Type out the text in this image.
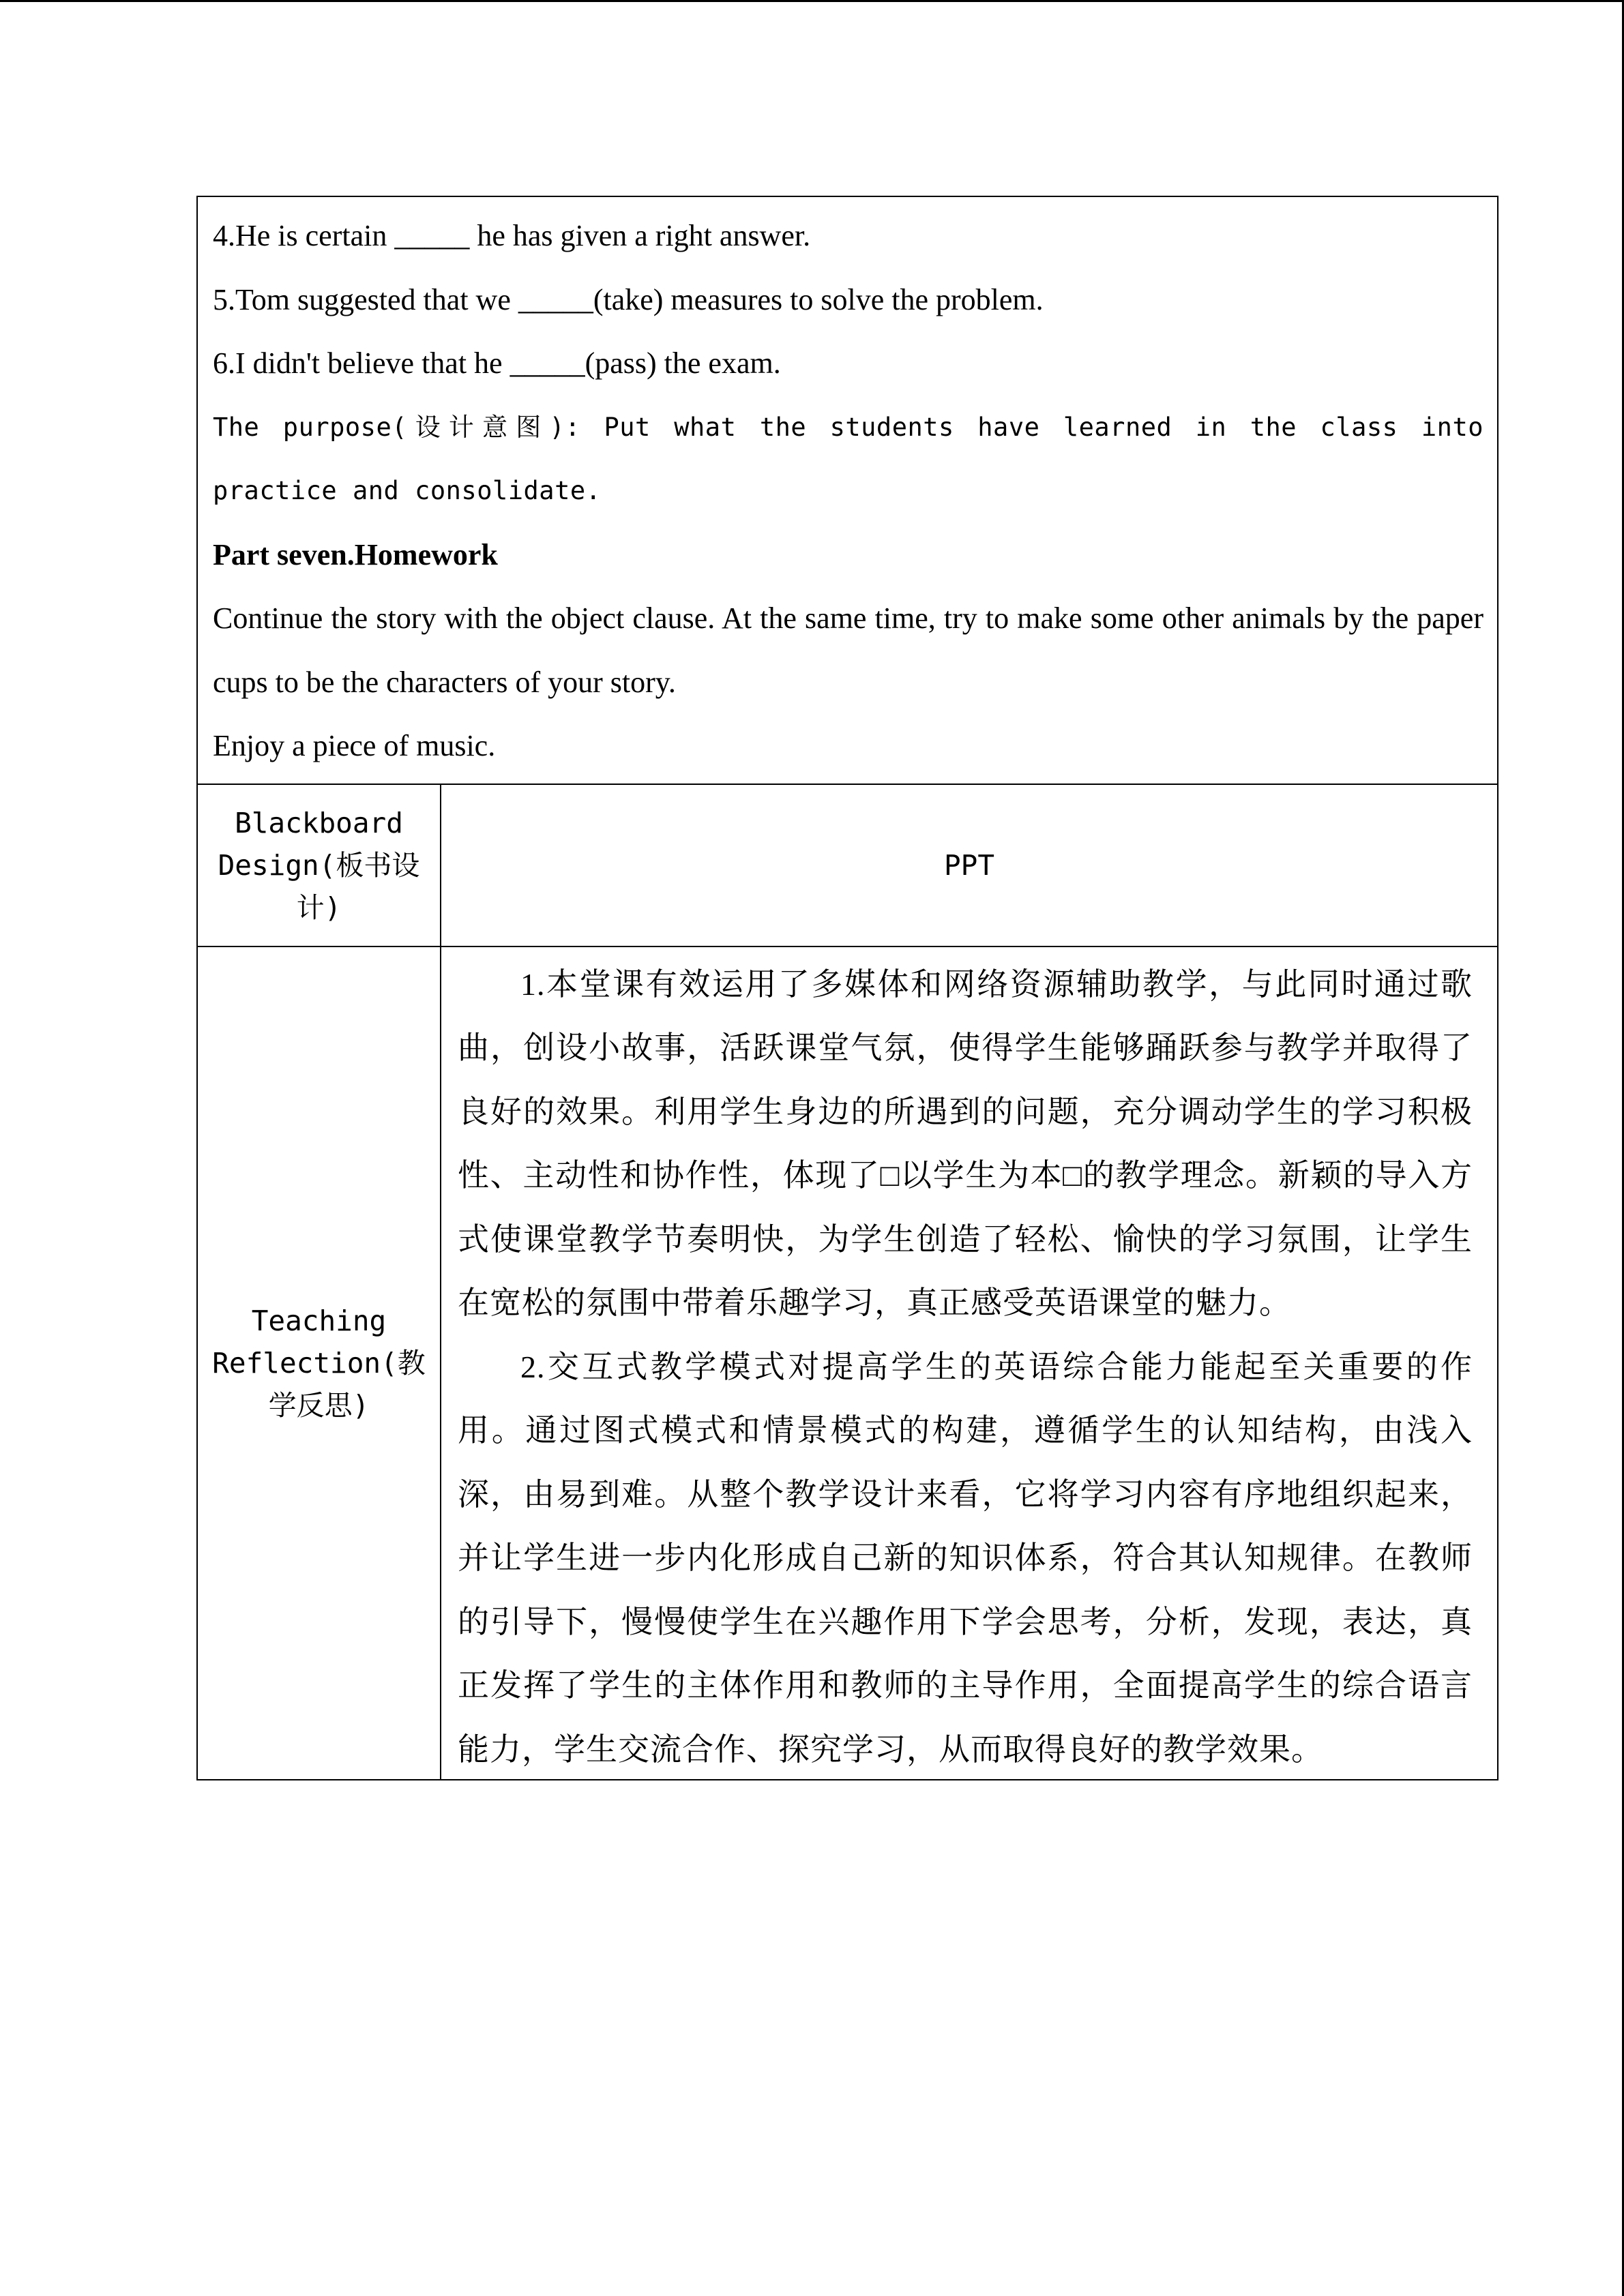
4.He is certain _____ he has given a right answer.
5.Tom suggested that we _____(take) measures to solve the problem.
6.I didn't believe that he _____(pass) the exam.
The purpose(设计意图): Put what the students have learned in the class into practice and consolidate.
Part seven.Homework
Continue the story with the object clause. At the same time, try to make some other animals by the paper cups to be the characters of your story.
Enjoy a piece of music.
Blackboard
Design(板书设
计)
PPT
Teaching
Reflection(教
学反思)

1.本堂课有效运用了多媒体和网络资源辅助教学，与此同时通过歌曲，创设小故事，活跃课堂气氛，使得学生能够踊跃参与教学并取得了良好的效果。利用学生身边的所遇到的问题，充分调动学生的学习积极性、主动性和协作性，体现了□以学生为本□的教学理念。新颖的导入方式使课堂教学节奏明快，为学生创造了轻松、愉快的学习氛围，让学生在宽松的氛围中带着乐趣学习，真正感受英语课堂的魅力。

2.交互式教学模式对提高学生的英语综合能力能起至关重要的作用。通过图式模式和情景模式的构建，遵循学生的认知结构，由浅入深，由易到难。从整个教学设计来看，它将学习内容有序地组织起来，并让学生进一步内化形成自己新的知识体系，符合其认知规律。在教师的引导下，慢慢使学生在兴趣作用下学会思考，分析，发现，表达，真正发挥了学生的主体作用和教师的主导作用，全面提高学生的综合语言能力，学生交流合作、探究学习，从而取得良好的教学效果。
